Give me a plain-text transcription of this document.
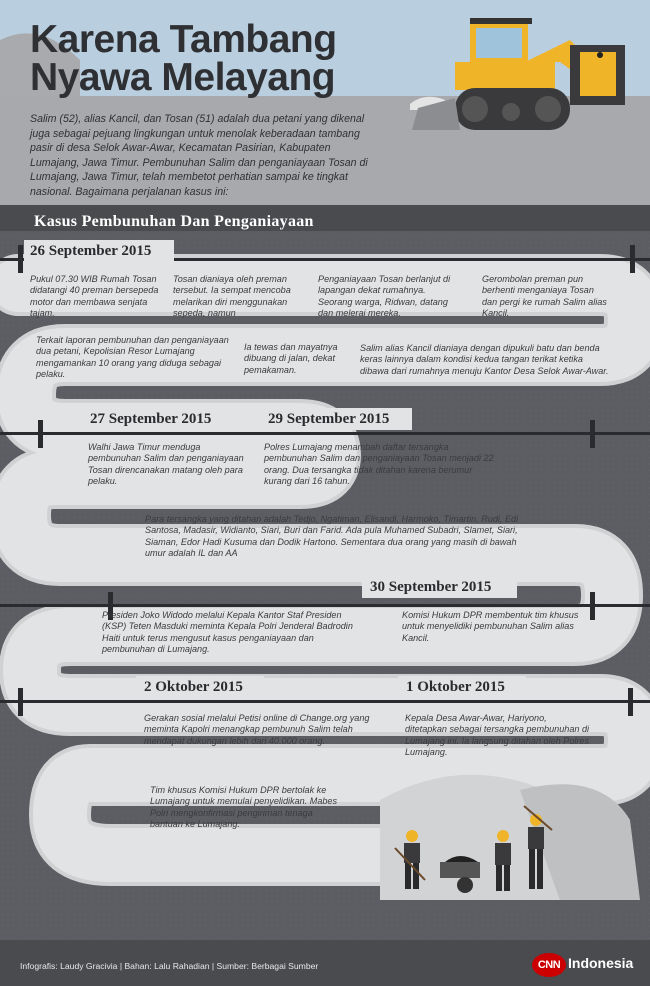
Karena Tambang
Nyawa Melayang
Salim (52), alias Kancil, dan Tosan (51) adalah dua petani yang dikenal juga sebagai pejuang lingkungan untuk menolak keberadaan tambang pasir di desa Selok Awar-Awar, Kecamatan Pasirian, Kabupaten Lumajang, Jawa Timur. Pembunuhan Salim dan penganiayaan Tosan di Lumajang, Jawa Timur, telah membetot perhatian sampai ke tingkat nasional. Bagaimana perjalanan kasus ini:
Kasus Pembunuhan Dan Penganiayaan
26 September 2015
27 September 2015	29 September 2015
30 September 2015
2 Oktober 2015	1 Oktober 2015
Pukul 07.30 WIB Rumah Tosan didatangi 40 preman bersepeda motor dan membawa senjata tajam.
Tosan dianiaya oleh preman tersebut. Ia sempat mencoba melarikan diri menggunakan sepeda, namun
Penganiayaan Tosan berlanjut di lapangan dekat rumahnya. Seorang warga, Ridwan, datang dan melerai mereka.
Gerombolan preman pun berhenti menganiaya Tosan dan pergi ke rumah Salim alias Kancil.
Terkait laporan pembunuhan dan penganiayaan dua petani, Kepolisian Resor Lumajang mengamankan 10 orang yang diduga sebagai pelaku.
Ia tewas dan mayatnya dibuang di jalan, dekat pemakaman.
Salim alias Kancil dianiaya dengan dipukuli batu dan benda keras lainnya dalam kondisi kedua tangan terikat ketika dibawa dari rumahnya menuju Kantor Desa Selok Awar-Awar.
Walhi Jawa Timur menduga pembunuhan Salim dan penganiayaan Tosan direncanakan matang oleh para pelaku.
Polres Lumajang menambah daftar tersangka pembunuhan Salim dan penganiayaan Tosan menjadi 22 orang. Dua tersangka tidak ditahan karena berumur kurang dari 16 tahun.
Para tersangka yang ditahan adalah Tedjo, Ngatiman, Elisandi, Harmoko, Timartin, Rudi, Edi Santosa, Madasir, Widianto, Siari, Buri dan Farid. Ada pula Muhamed Subadri, Slamet, Siari, Siaman, Edor Hadi Kusuma dan Dodik Hartono. Sementara dua orang yang masih di bawah umur adalah IL dan AA
Presiden Joko Widodo melalui Kepala Kantor Staf Presiden (KSP) Teten Masduki meminta Kepala Polri Jenderal Badrodin Haiti untuk terus mengusut kasus penganiayaan dan pembunuhan di Lumajang.
Komisi Hukum DPR membentuk tim khusus untuk menyelidiki pembunuhan Salim alias Kancil.
Gerakan sosial melalui Petisi online di Change.org yang meminta Kapolri menangkap pembunuh Salim telah mendapat dukungan lebih dari 40.000 orang.
Kepala Desa Awar-Awar, Hariyono, ditetapkan sebagai tersangka pembunuhan di Lumajang ini. Ia langsung ditahan oleh Polres Lumajang.
Tim khusus Komisi Hukum DPR bertolak ke Lumajang untuk memulai penyelidikan. Mabes Polri mengkonfirmasi pengiriman tenaga bantuan ke Lumajang.
Infografis: Laudy Gracivia | Bahan: Lalu Rahadian | Sumber: Berbagai Sumber	CNN Indonesia
